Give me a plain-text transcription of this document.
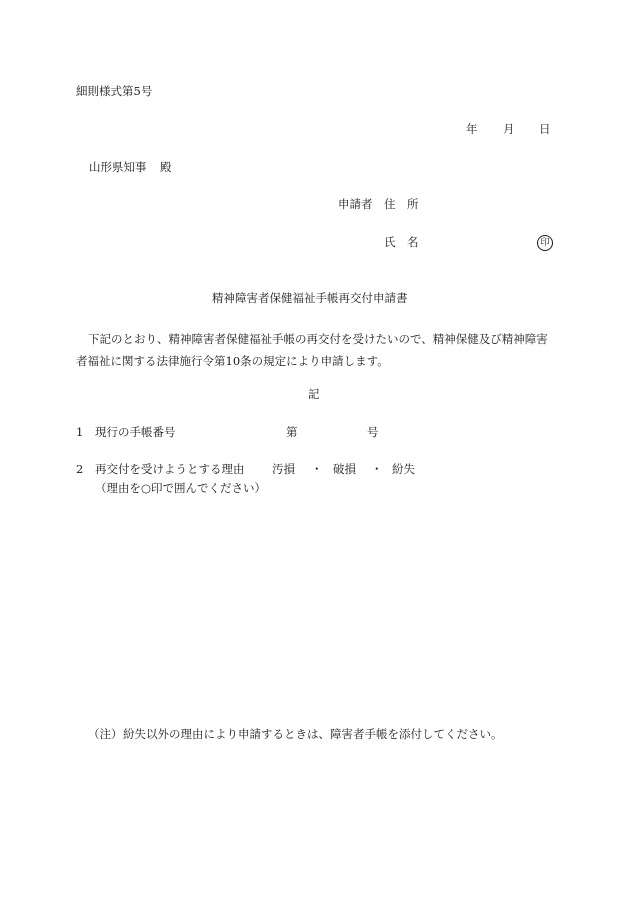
細則様式第5号
年 月 日
山形県知事 殿
申請者 住　所
氏　名	印
精神障害者保健福祉手帳再交付申請書
下記のとおり、精神障害者保健福祉手帳の再交付を受けたいので、精神保健及び精神障害者福祉に関する法律施行令第10条の規定により申請します。
記
1 現行の手帳番号	第	号
2 再交付を受けようとする理由 汚損 ・ 破損 ・ 紛失
（理由を○印で囲んでください）
（注） 紛失以外の理由により申請するときは、障害者手帳を添付してください。
